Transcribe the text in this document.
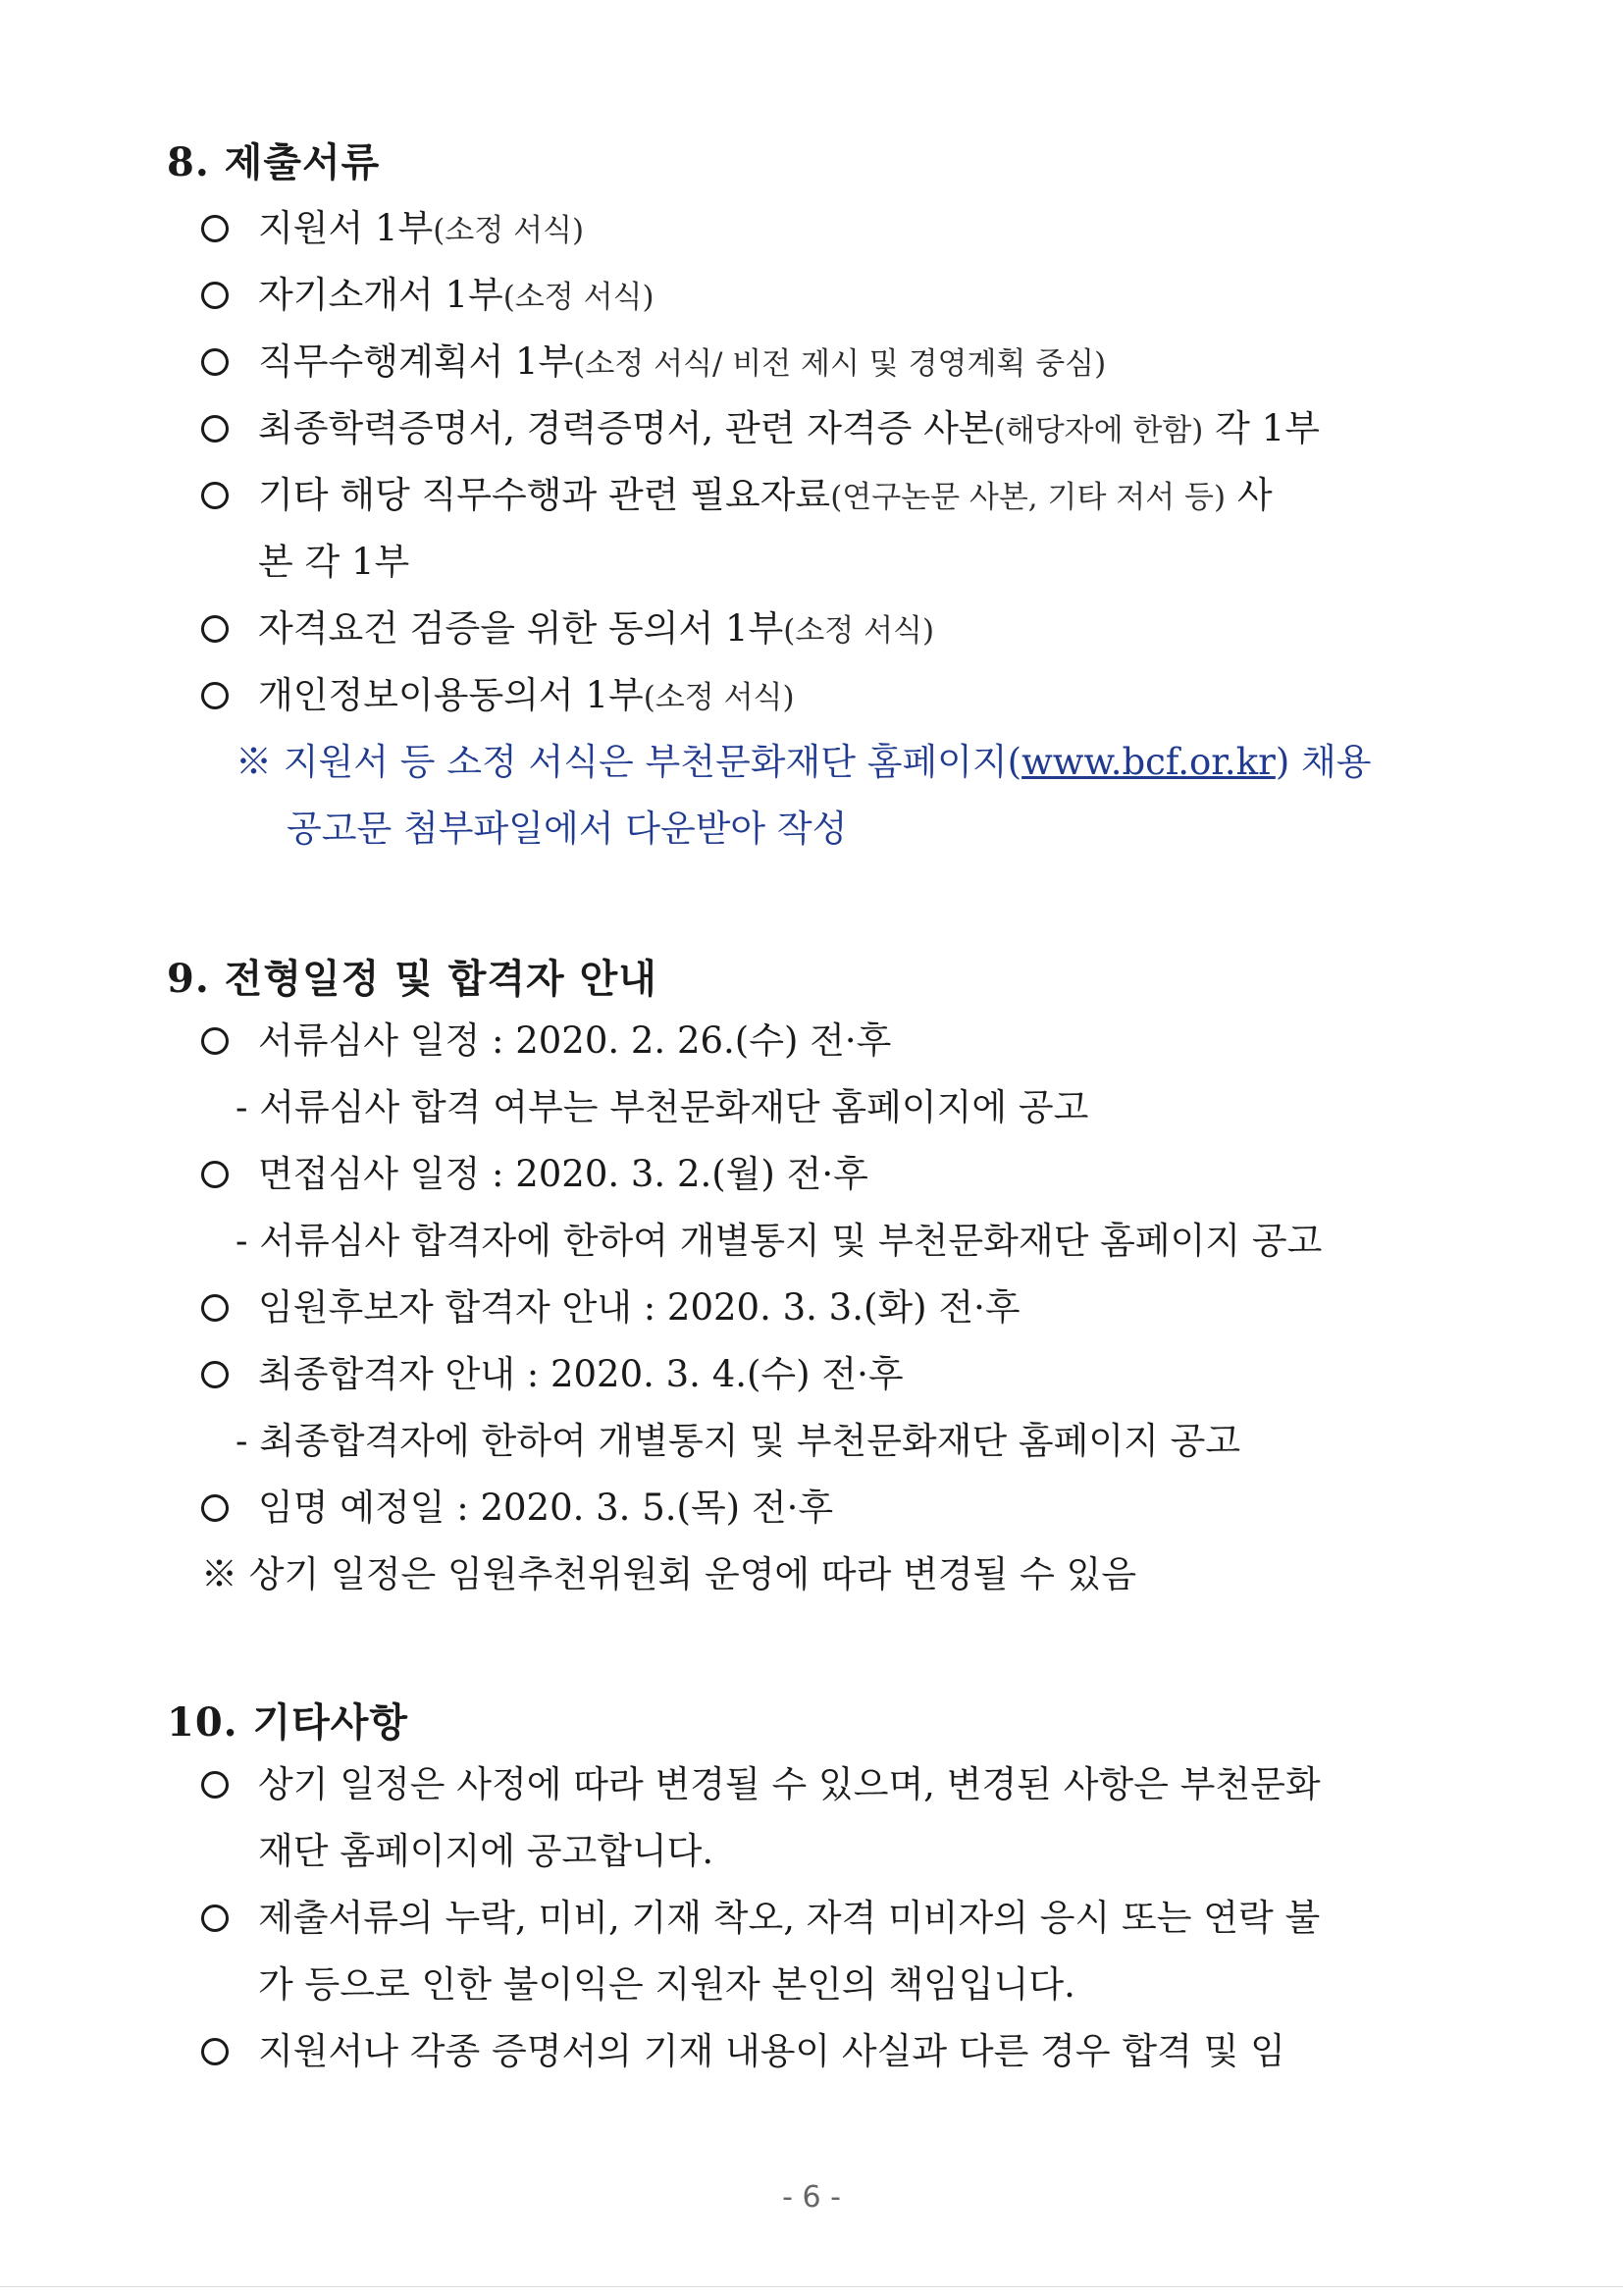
8. 제출서류
지원서 1부(소정 서식)
자기소개서 1부(소정 서식)
직무수행계획서 1부(소정 서식/ 비전 제시 및 경영계획 중심)
최종학력증명서, 경력증명서, 관련 자격증 사본(해당자에 한함) 각 1부
기타 해당 직무수행과 관련 필요자료(연구논문 사본, 기타 저서 등) 사
본 각 1부
자격요건 검증을 위한 동의서 1부(소정 서식)
개인정보이용동의서 1부(소정 서식)
※ 지원서 등 소정 서식은 부천문화재단 홈페이지(www.bcf.or.kr) 채용
공고문 첨부파일에서 다운받아 작성
9. 전형일정 및 합격자 안내
서류심사 일정 : 2020. 2. 26.(수) 전·후
- 서류심사 합격 여부는 부천문화재단 홈페이지에 공고
면접심사 일정 : 2020. 3. 2.(월) 전·후
- 서류심사 합격자에 한하여 개별통지 및 부천문화재단 홈페이지 공고
임원후보자 합격자 안내 : 2020. 3. 3.(화) 전·후
최종합격자 안내 : 2020. 3. 4.(수) 전·후
- 최종합격자에 한하여 개별통지 및 부천문화재단 홈페이지 공고
임명 예정일 : 2020. 3. 5.(목) 전·후
※ 상기 일정은 임원추천위원회 운영에 따라 변경될 수 있음
10. 기타사항
상기 일정은 사정에 따라 변경될 수 있으며, 변경된 사항은 부천문화
재단 홈페이지에 공고합니다.
제출서류의 누락, 미비, 기재 착오, 자격 미비자의 응시 또는 연락 불
가 등으로 인한 불이익은 지원자 본인의 책임입니다.
지원서나 각종 증명서의 기재 내용이 사실과 다른 경우 합격 및 임
- 6 -
